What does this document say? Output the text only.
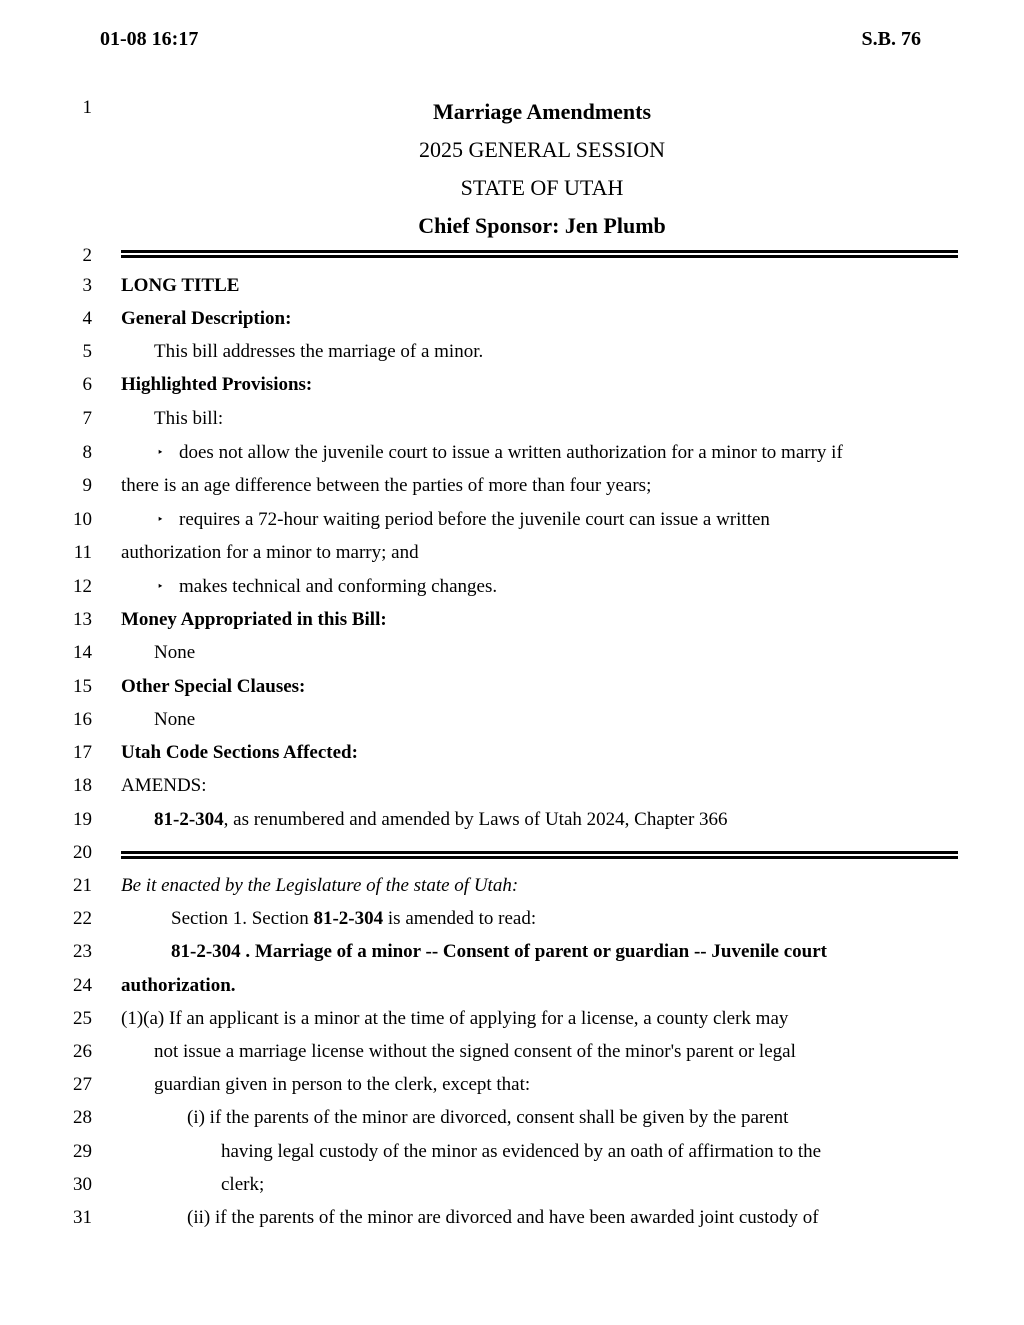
01-08 16:17	S.B. 76
1
2
3
4
5
6
7
8
9
10
11
12
13
14
15
16
17
18
19
20
21
22
23
24
25
26
27
28
29
30
31
Marriage Amendments
2025 GENERAL SESSION
STATE OF UTAH
Chief Sponsor: Jen Plumb
LONG TITLE
General Description:
This bill addresses the marriage of a minor.
Highlighted Provisions:
This bill:
‣ does not allow the juvenile court to issue a written authorization for a minor to marry if
there is an age difference between the parties of more than four years;
‣ requires a 72-hour waiting period before the juvenile court can issue a written
authorization for a minor to marry; and
‣ makes technical and conforming changes.
Money Appropriated in this Bill:
None
Other Special Clauses:
None
Utah Code Sections Affected:
AMENDS:
81-2-304, as renumbered and amended by Laws of Utah 2024, Chapter 366
Be it enacted by the Legislature of the state of Utah:
Section 1. Section 81-2-304 is amended to read:
81-2-304 . Marriage of a minor -- Consent of parent or guardian -- Juvenile court
authorization.
(1)(a) If an applicant is a minor at the time of applying for a license, a county clerk may
not issue a marriage license without the signed consent of the minor's parent or legal
guardian given in person to the clerk, except that:
(i) if the parents of the minor are divorced, consent shall be given by the parent
having legal custody of the minor as evidenced by an oath of affirmation to the
clerk;
(ii) if the parents of the minor are divorced and have been awarded joint custody of
